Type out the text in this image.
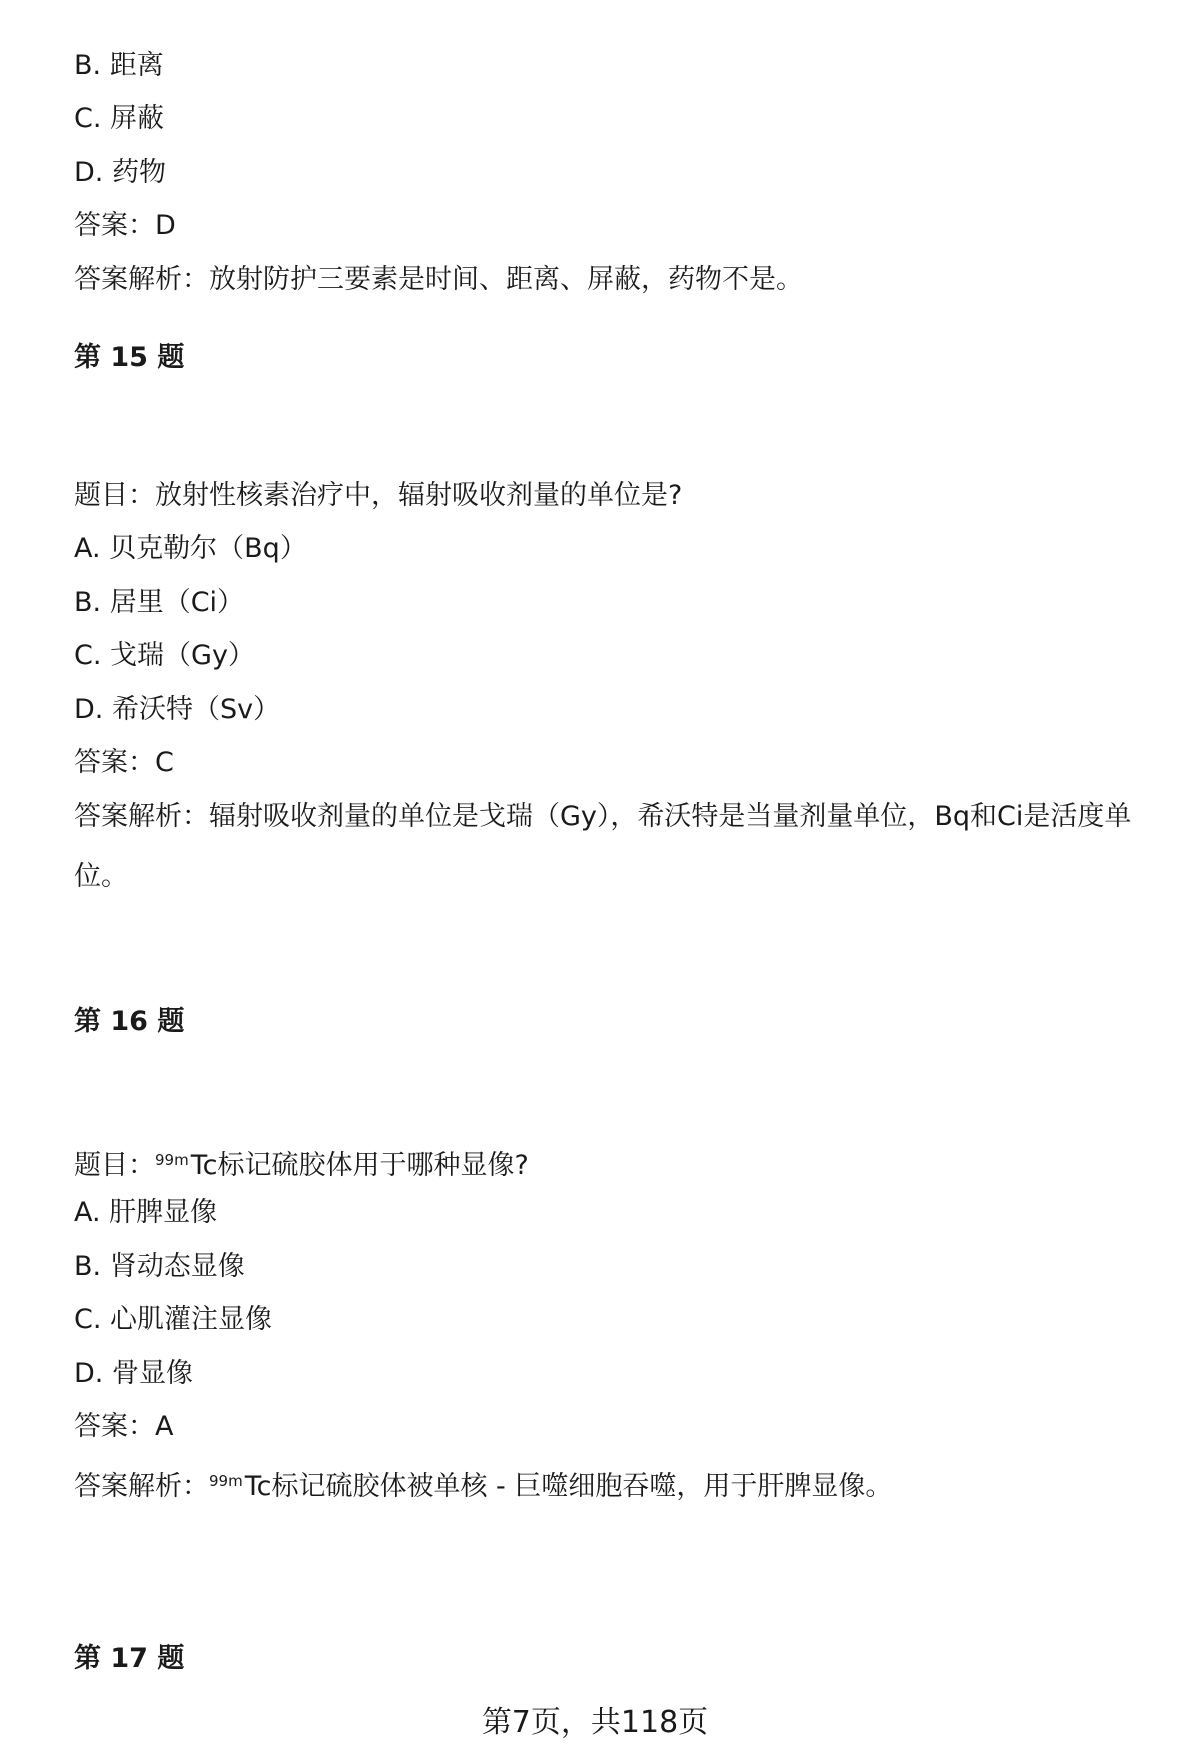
B. 距离
C. 屏蔽
D. 药物
答案：D
答案解析：放射防护三要素是时间、距离、屏蔽，药物不是。
第 15 题
题目：放射性核素治疗中，辐射吸收剂量的单位是?
A. 贝克勒尔（Bq）
B. 居里（Ci）
C. 戈瑞（Gy）
D. 希沃特（Sv）
答案：C
答案解析：辐射吸收剂量的单位是戈瑞（Gy），希沃特是当量剂量单位，Bq和Ci是活度单位。
第 16 题
题目：$^{99m}$Tc标记硫胶体用于哪种显像?
A. 肝脾显像
B. 肾动态显像
C. 心肌灌注显像
D. 骨显像
答案：A
答案解析：$^{99m}$Tc标记硫胶体被单核 - 巨噬细胞吞噬，用于肝脾显像。
第 17 题
第7页，共118页
